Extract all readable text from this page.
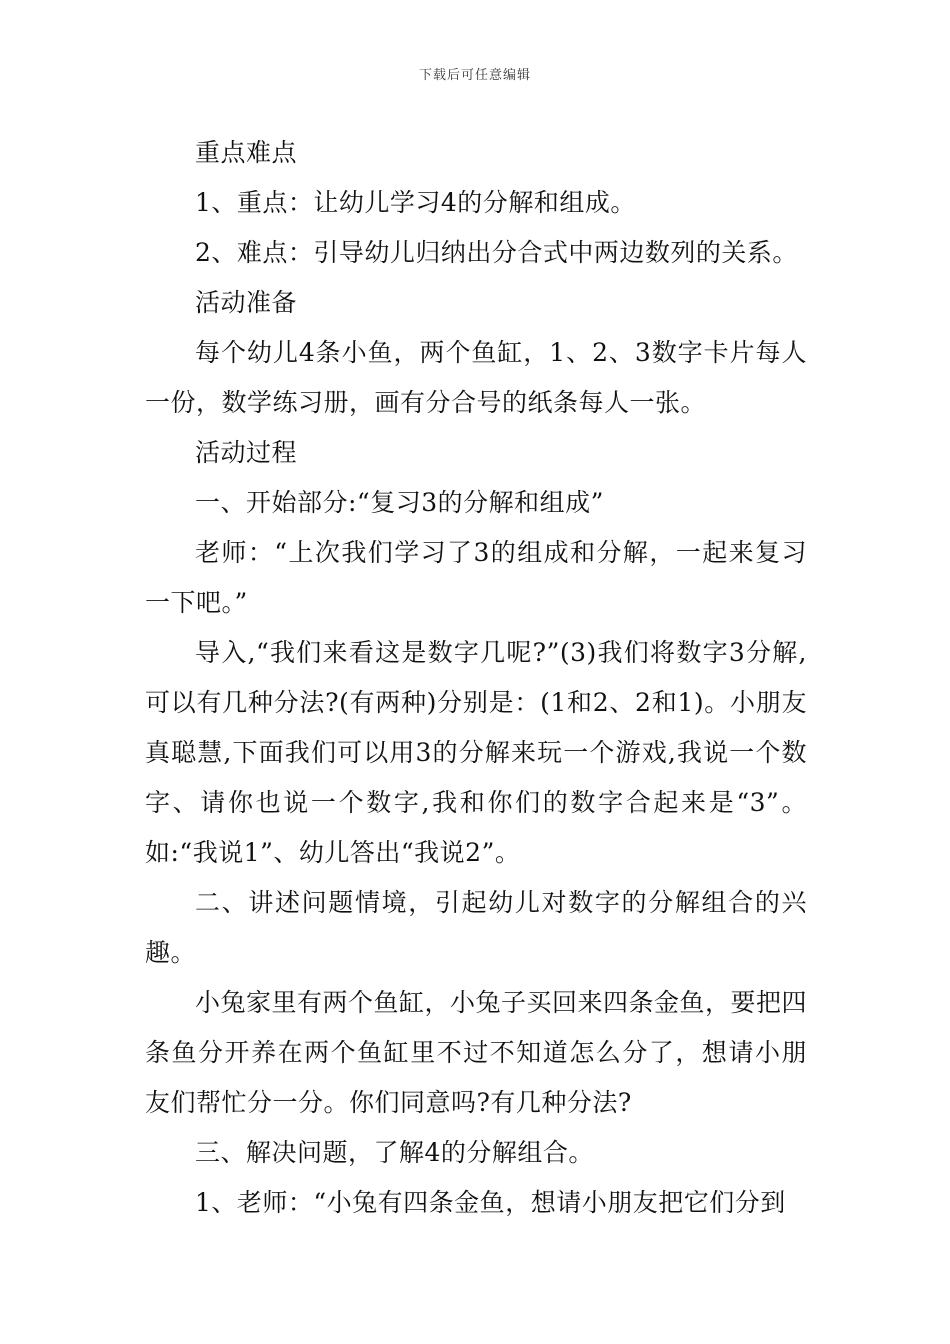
下载后可任意编辑

重点难点

1、重点：让幼儿学习4的分解和组成。

2、难点：引导幼儿归纳出分合式中两边数列的关系。

活动准备

每个幼儿4条小鱼，两个鱼缸，1、2、3数字卡片每人一份，数学练习册，画有分合号的纸条每人一张。

活动过程

一、开始部分:“复习3的分解和组成”

老师：“上次我们学习了3的组成和分解，一起来复习一下吧。”

导入,“我们来看这是数字几呢?”(3)我们将数字3分解,可以有几种分法?(有两种)分别是：(1和2、2和1)。小朋友真聪慧,下面我们可以用3的分解来玩一个游戏,我说一个数字、请你也说一个数字,我和你们的数字合起来是“3”。如:“我说1”、幼儿答出“我说2”。

二、讲述问题情境，引起幼儿对数字的分解组合的兴趣。

小兔家里有两个鱼缸，小兔子买回来四条金鱼，要把四条鱼分开养在两个鱼缸里不过不知道怎么分了，想请小朋友们帮忙分一分。你们同意吗?有几种分法?

三、解决问题，了解4的分解组合。

1、老师：“小兔有四条金鱼，想请小朋友把它们分到
